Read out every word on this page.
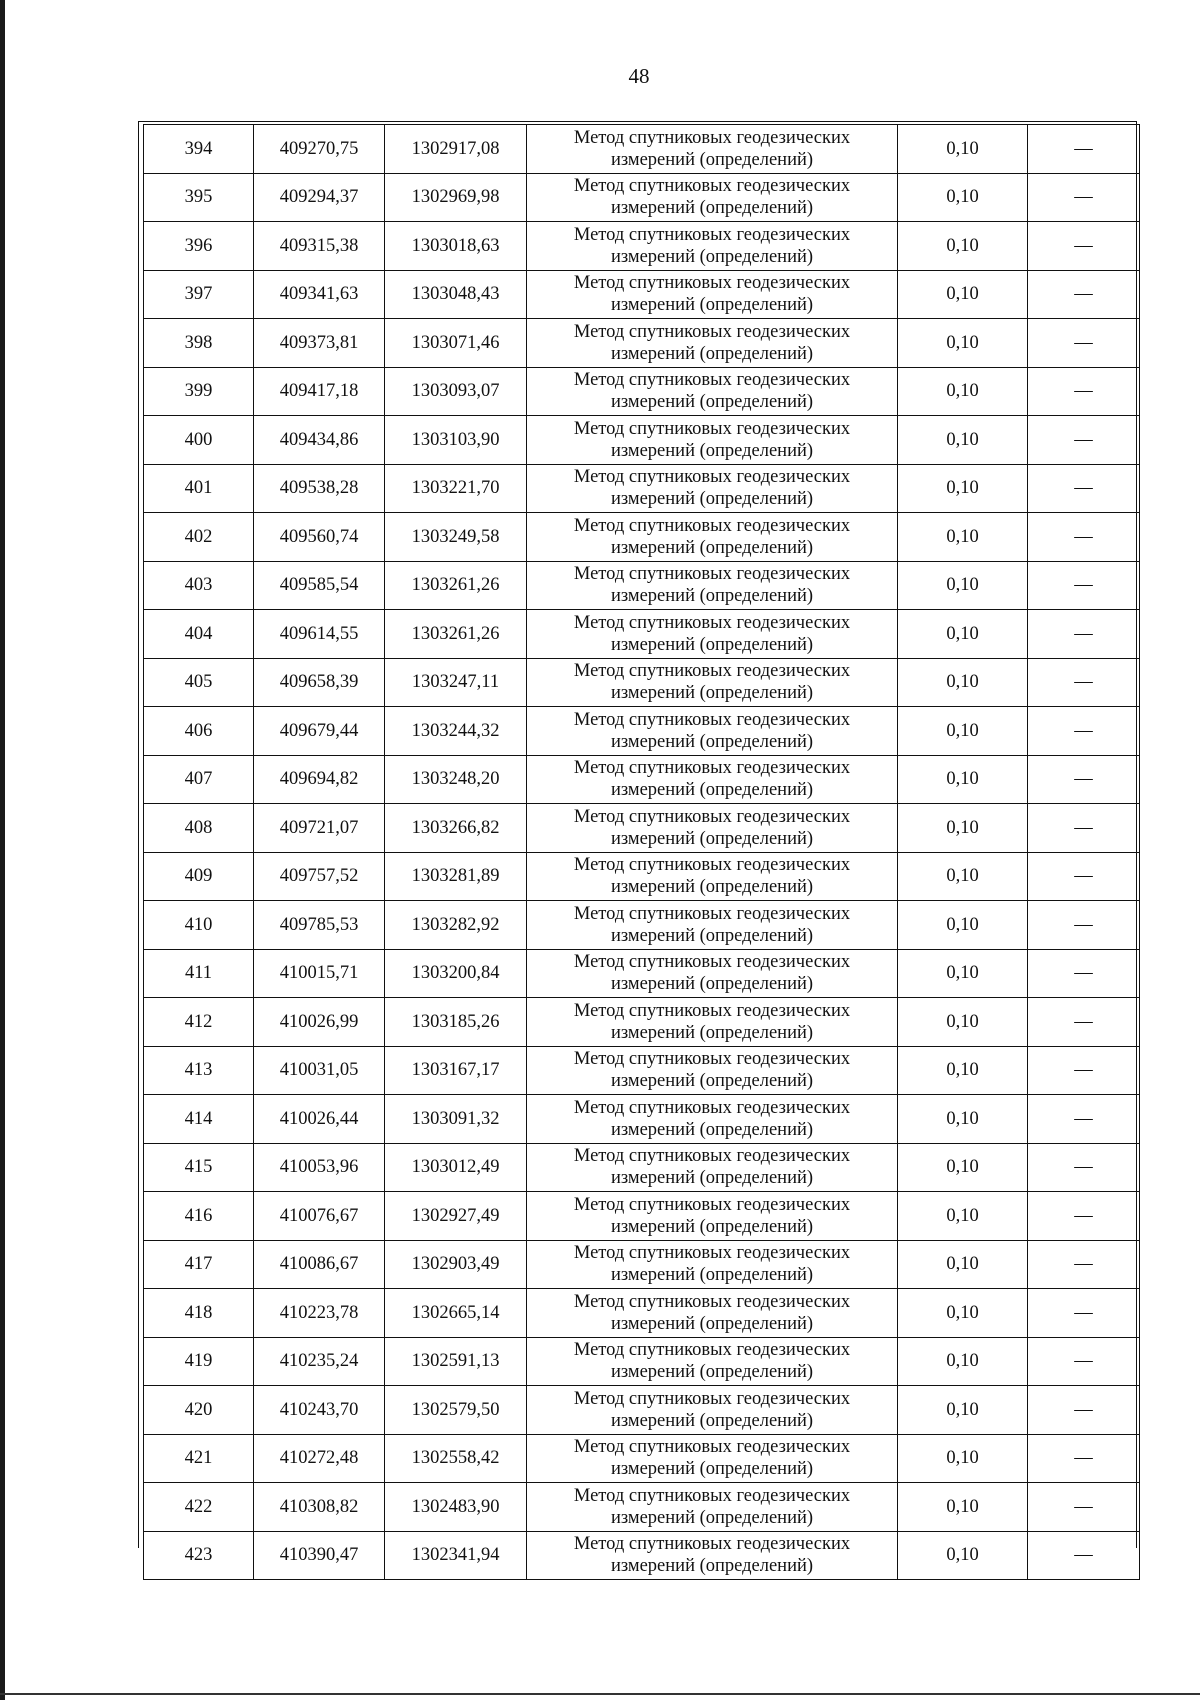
48
394	409270,75	1302917,08	Метод спутниковых геодезических
измерений (определений)	0,10	—
395	409294,37	1302969,98	Метод спутниковых геодезических
измерений (определений)	0,10	—
396	409315,38	1303018,63	Метод спутниковых геодезических
измерений (определений)	0,10	—
397	409341,63	1303048,43	Метод спутниковых геодезических
измерений (определений)	0,10	—
398	409373,81	1303071,46	Метод спутниковых геодезических
измерений (определений)	0,10	—
399	409417,18	1303093,07	Метод спутниковых геодезических
измерений (определений)	0,10	—
400	409434,86	1303103,90	Метод спутниковых геодезических
измерений (определений)	0,10	—
401	409538,28	1303221,70	Метод спутниковых геодезических
измерений (определений)	0,10	—
402	409560,74	1303249,58	Метод спутниковых геодезических
измерений (определений)	0,10	—
403	409585,54	1303261,26	Метод спутниковых геодезических
измерений (определений)	0,10	—
404	409614,55	1303261,26	Метод спутниковых геодезических
измерений (определений)	0,10	—
405	409658,39	1303247,11	Метод спутниковых геодезических
измерений (определений)	0,10	—
406	409679,44	1303244,32	Метод спутниковых геодезических
измерений (определений)	0,10	—
407	409694,82	1303248,20	Метод спутниковых геодезических
измерений (определений)	0,10	—
408	409721,07	1303266,82	Метод спутниковых геодезических
измерений (определений)	0,10	—
409	409757,52	1303281,89	Метод спутниковых геодезических
измерений (определений)	0,10	—
410	409785,53	1303282,92	Метод спутниковых геодезических
измерений (определений)	0,10	—
411	410015,71	1303200,84	Метод спутниковых геодезических
измерений (определений)	0,10	—
412	410026,99	1303185,26	Метод спутниковых геодезических
измерений (определений)	0,10	—
413	410031,05	1303167,17	Метод спутниковых геодезических
измерений (определений)	0,10	—
414	410026,44	1303091,32	Метод спутниковых геодезических
измерений (определений)	0,10	—
415	410053,96	1303012,49	Метод спутниковых геодезических
измерений (определений)	0,10	—
416	410076,67	1302927,49	Метод спутниковых геодезических
измерений (определений)	0,10	—
417	410086,67	1302903,49	Метод спутниковых геодезических
измерений (определений)	0,10	—
418	410223,78	1302665,14	Метод спутниковых геодезических
измерений (определений)	0,10	—
419	410235,24	1302591,13	Метод спутниковых геодезических
измерений (определений)	0,10	—
420	410243,70	1302579,50	Метод спутниковых геодезических
измерений (определений)	0,10	—
421	410272,48	1302558,42	Метод спутниковых геодезических
измерений (определений)	0,10	—
422	410308,82	1302483,90	Метод спутниковых геодезических
измерений (определений)	0,10	—
423	410390,47	1302341,94	Метод спутниковых геодезических
измерений (определений)	0,10	—
